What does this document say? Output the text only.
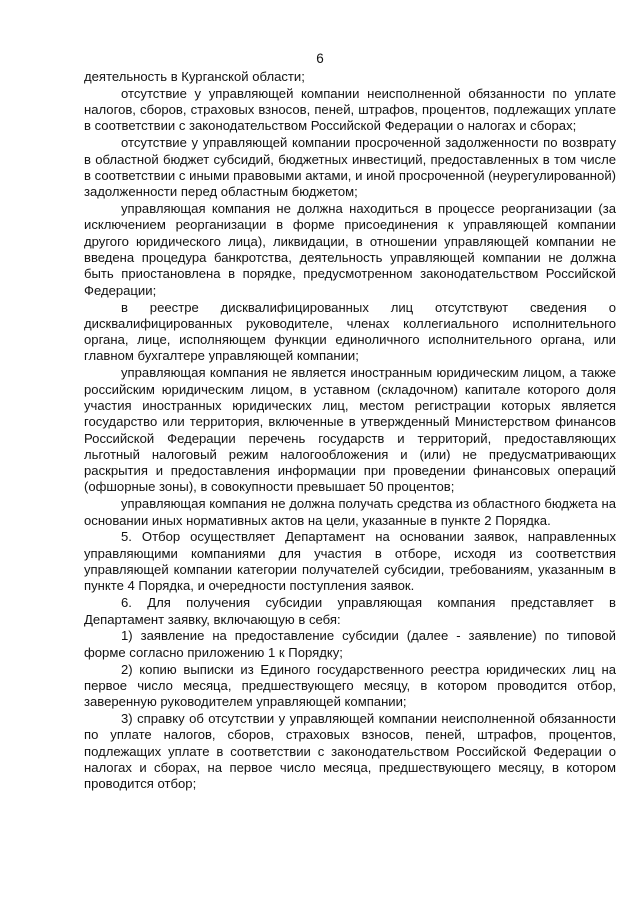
6

деятельность в Курганской области;

отсутствие у управляющей компании неисполненной обязанности по уплате налогов, сборов, страховых взносов, пеней, штрафов, процентов, подлежащих уплате в соответствии с законодательством Российской Федерации о налогах и сборах;

отсутствие у управляющей компании просроченной задолженности по возврату в областной бюджет субсидий, бюджетных инвестиций, предоставленных в том числе в соответствии с иными правовыми актами, и иной просроченной (неурегулированной) задолженности перед областным бюджетом;

управляющая компания не должна находиться в процессе реорганизации (за исключением реорганизации в форме присоединения к управляющей компании другого юридического лица), ликвидации, в отношении управляющей компании не введена процедура банкротства, деятельность управляющей компании не должна быть приостановлена в порядке, предусмотренном законодательством Российской Федерации;

в реестре дисквалифицированных лиц отсутствуют сведения о дисквалифицированных руководителе, членах коллегиального исполнительного органа, лице, исполняющем функции единоличного исполнительного органа, или главном бухгалтере управляющей компании;

управляющая компания не является иностранным юридическим лицом, а также российским юридическим лицом, в уставном (складочном) капитале которого доля участия иностранных юридических лиц, местом регистрации которых является государство или территория, включенные в утвержденный Министерством финансов Российской Федерации перечень государств и территорий, предоставляющих льготный налоговый режим налогообложения и (или) не предусматривающих раскрытия и предоставления информации при проведении финансовых операций (офшорные зоны), в совокупности превышает 50 процентов;

управляющая компания не должна получать средства из областного бюджета на основании иных нормативных актов на цели, указанные в пункте 2 Порядка.

5. Отбор осуществляет Департамент на основании заявок, направленных управляющими компаниями для участия в отборе, исходя из соответствия управляющей компании категории получателей субсидии, требованиям, указанным в пункте 4 Порядка, и очередности поступления заявок.

6. Для получения субсидии управляющая компания представляет в Департамент заявку, включающую в себя:

1) заявление на предоставление субсидии (далее - заявление) по типовой форме согласно приложению 1 к Порядку;

2) копию выписки из Единого государственного реестра юридических лиц на первое число месяца, предшествующего месяцу, в котором проводится отбор, заверенную руководителем управляющей компании;

3) справку об отсутствии у управляющей компании неисполненной обязанности по уплате налогов, сборов, страховых взносов, пеней, штрафов, процентов, подлежащих уплате в соответствии с законодательством Российской Федерации о налогах и сборах, на первое число месяца, предшествующего месяцу, в котором проводится отбор;
